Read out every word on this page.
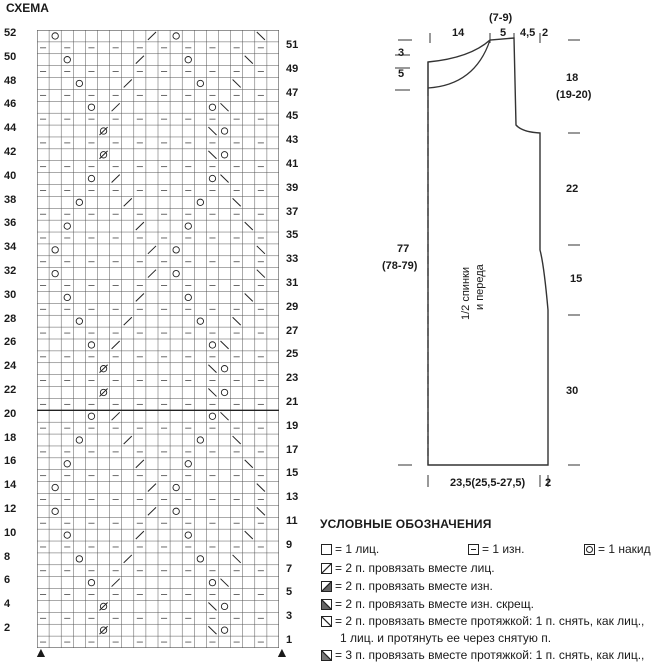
СХЕМА
52
50
48
46
44
42
40
38
36
34
32
30
28
26
24
22
20
18
16
14
12
10
8
6
4
2
51
49
47
45
43
41
39
37
35
33
31
29
27
25
23
21
19
17
15
13
11
9
7
5
3
1
▲	▲
14
(7-9)
5 4,5 2
3
5	18
(19-20)
22
15
30
77
(78-79)
1/2 спинки и переда
23,5(25,5-27,5) 2
УСЛОВНЫЕ ОБОЗНАЧЕНИЯ
= 1 лиц.	= 1 изн.	= 1 накид
= 2 п. провязать вместе лиц.
= 2 п. провязать вместе изн.
= 2 п. провязать вместе изн. скрещ.
= 2 п. провязать вместе протяжкой: 1 п. снять, как лиц.,
1 лиц. и протянуть ее через снятую п.
= 3 п. провязать вместе протяжкой: 1 п. снять, как лиц.,
